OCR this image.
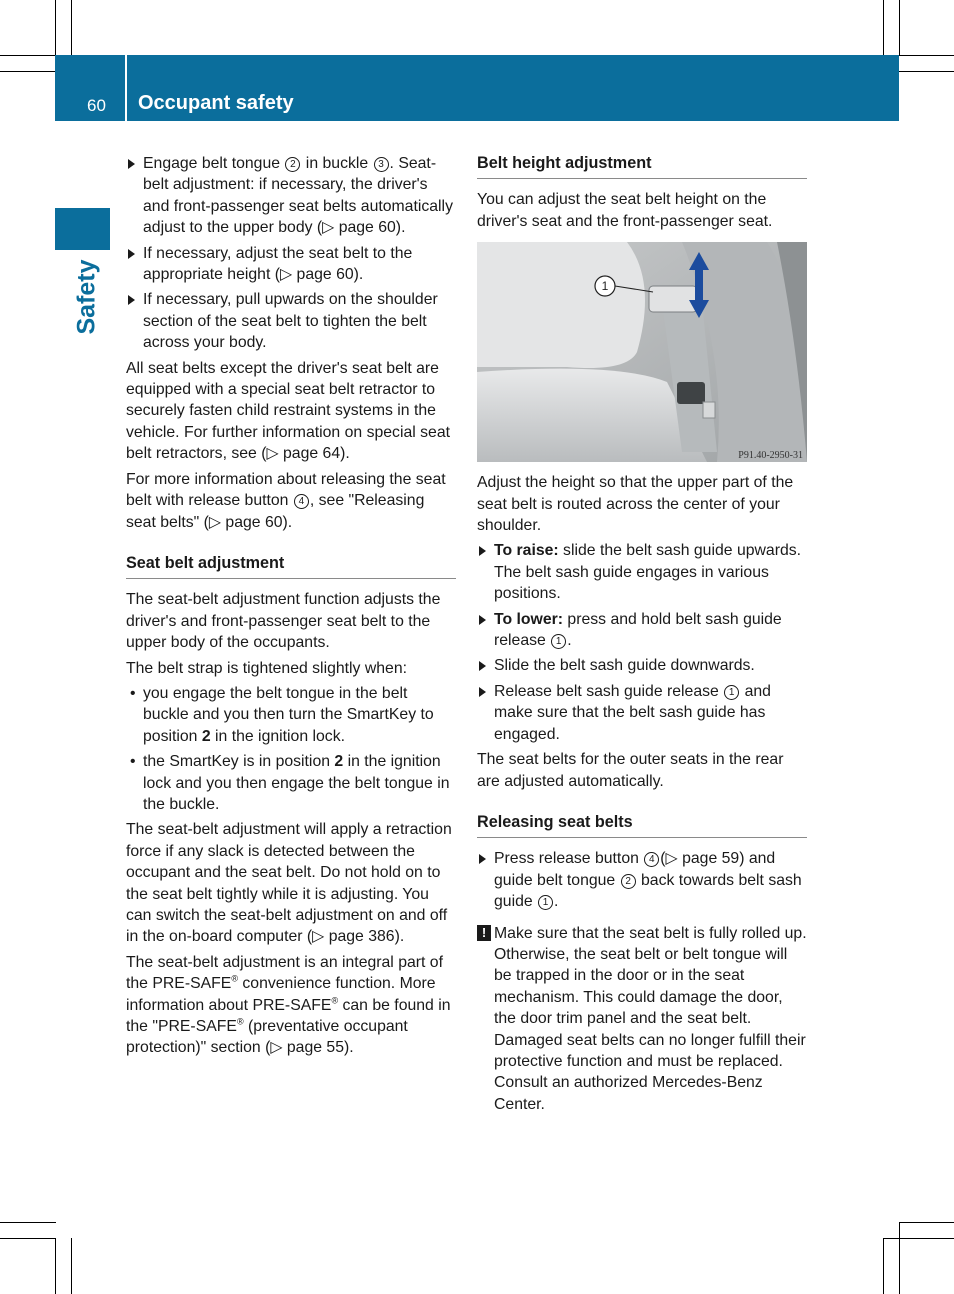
60 Occupant safety
Safety
Engage belt tongue 2 in buckle 3 . Seat-belt adjustment: if necessary, the driver's and front-passenger seat belts automatically adjust to the upper body (▷ page 60).
If necessary, adjust the seat belt to the appropriate height (▷ page 60).
If necessary, pull upwards on the shoulder section of the seat belt to tighten the belt across your body.

All seat belts except the driver's seat belt are equipped with a special seat belt retractor to securely fasten child restraint systems in the vehicle. For further information on special seat belt retractors, see (▷ page 64).

For more information about releasing the seat belt with release button 4 , see "Releasing seat belts" (▷ page 60).

Seat belt adjustment

The seat-belt adjustment function adjusts the driver's and front-passenger seat belt to the upper body of the occupants.

The belt strap is tightened slightly when:

• you engage the belt tongue in the belt buckle and you then turn the SmartKey to position 2 in the ignition lock.
• the SmartKey is in position 2 in the ignition lock and you then engage the belt tongue in the buckle.

The seat-belt adjustment will apply a retraction force if any slack is detected between the occupant and the seat belt. Do not hold on to the seat belt tightly while it is adjusting. You can switch the seat-belt adjustment on and off in the on-board computer (▷ page 386).

The seat-belt adjustment is an integral part of the PRE-SAFE® convenience function. More information about PRE-SAFE® can be found in the "PRE-SAFE® (preventative occupant protection)" section (▷ page 55).

Belt height adjustment

You can adjust the seat belt height on the driver's seat and the front-passenger seat.

1
P91.40-2950-31

Adjust the height so that the upper part of the seat belt is routed across the center of your shoulder.

To raise: slide the belt sash guide upwards. The belt sash guide engages in various positions.
To lower: press and hold belt sash guide release 1 .
Slide the belt sash guide downwards.
Release belt sash guide release 1 and make sure that the belt sash guide has engaged.

The seat belts for the outer seats in the rear are adjusted automatically.

Releasing seat belts
Press release button 4 (▷ page 59) and guide belt tongue 2 back towards belt sash guide 1 .
! Make sure that the seat belt is fully rolled up. Otherwise, the seat belt or belt tongue will be trapped in the door or in the seat mechanism. This could damage the door, the door trim panel and the seat belt. Damaged seat belts can no longer fulfill their protective function and must be replaced. Consult an authorized Mercedes-Benz Center.
